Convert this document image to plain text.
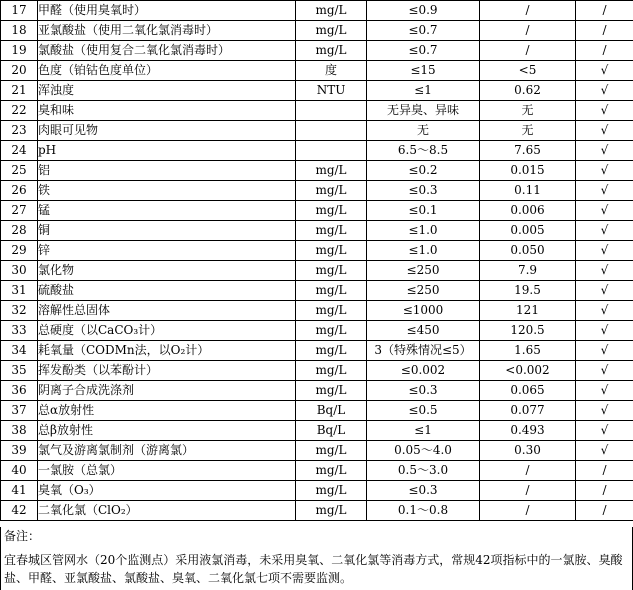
17	甲醛（使用臭氧时）	mg/L	≤0.9	/	/
18	亚氯酸盐（使用二氧化氯消毒时）	mg/L	≤0.7	/	/
19	氯酸盐（使用复合二氧化氯消毒时）	mg/L	≤0.7	/	/
20	色度（铂钴色度单位）	度	≤15	<5	√
21	浑浊度	NTU	≤1	0.62	√
22	臭和味		无异臭、异味	无	√
23	肉眼可见物		无	无	√
24	pH		6.5～8.5	7.65	√
25	铝	mg/L	≤0.2	0.015	√
26	铁	mg/L	≤0.3	0.11	√
27	锰	mg/L	≤0.1	0.006	√
28	铜	mg/L	≤1.0	0.005	√
29	锌	mg/L	≤1.0	0.050	√
30	氯化物	mg/L	≤250	7.9	√
31	硫酸盐	mg/L	≤250	19.5	√
32	溶解性总固体	mg/L	≤1000	121	√
33	总硬度（以CaCO₃计）	mg/L	≤450	120.5	√
34	耗氧量（CODMn法，以O₂计）	mg/L	3（特殊情况≤5）	1.65	√
35	挥发酚类（以苯酚计）	mg/L	≤0.002	<0.002	√
36	阴离子合成洗涤剂	mg/L	≤0.3	0.065	√
37	总α放射性	Bq/L	≤0.5	0.077	√
38	总β放射性	Bq/L	≤1	0.493	√
39	氯气及游离氯制剂（游离氯）	mg/L	0.05～4.0	0.30	√
40	一氯胺（总氯）	mg/L	0.5～3.0	/	/
41	臭氧（O₃）	mg/L	≤0.3	/	/
42	二氧化氯（ClO₂）	mg/L	0.1～0.8	/	/
备注：
宜春城区管网水（20个监测点）采用液氯消毒，未采用臭氧、二氧化氯等消毒方式，常规42项指标中的一氯胺、臭酸盐、甲醛、亚氯酸盐、氯酸盐、臭氧、二氧化氯七项不需要监测。
